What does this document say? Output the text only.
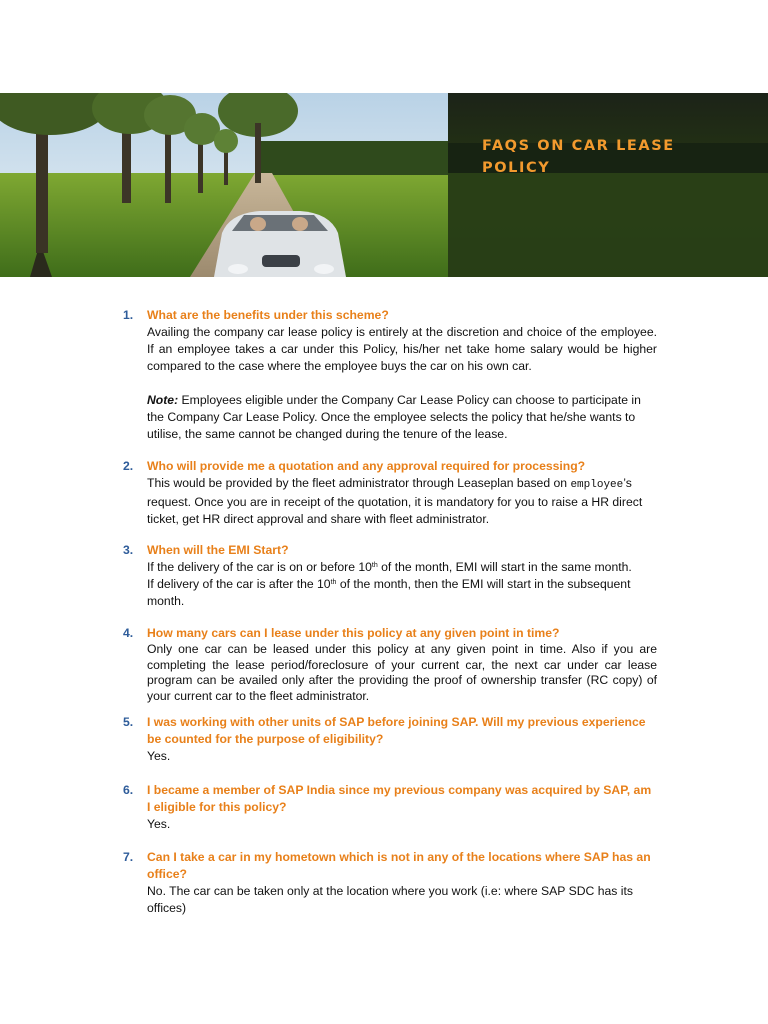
FAQS ON CAR LEASE POLICY
1.	What are the benefits under this scheme?
Availing the company car lease policy is entirely at the discretion and choice of the employee. If an employee takes a car under this Policy, his/her net take home salary would be higher compared to the case where the employee buys the car on his own car.
Note: Employees eligible under the Company Car Lease Policy can choose to participate in the Company Car Lease Policy. Once the employee selects the policy that he/she wants to utilise, the same cannot be changed during the tenure of the lease.
2.	Who will provide me a quotation and any approval required for processing?
This would be provided by the fleet administrator through Leaseplan based on employee’s request. Once you are in receipt of the quotation, it is mandatory for you to raise a HR direct ticket, get HR direct approval and share with fleet administrator.
3.	When will the EMI Start?
If the delivery of the car is on or before 10th of the month, EMI will start in the same month.
If delivery of the car is after the 10th of the month, then the EMI will start in the subsequent month.
4.	How many cars can I lease under this policy at any given point in time?
Only one car can be leased under this policy at any given point in time. Also if you are completing the lease period/foreclosure of your current car, the next car under car lease program can be availed only after the providing the proof of ownership transfer (RC copy) of your current car to the fleet administrator.
5.	I was working with other units of SAP before joining SAP. Will my previous experience be counted for the purpose of eligibility?
Yes.
6.	I became a member of SAP India since my previous company was acquired by SAP, am I eligible for this policy?
Yes.
7.	Can I take a car in my hometown which is not in any of the locations where SAP has an office?
No. The car can be taken only at the location where you work (i.e: where SAP SDC has its offices)
